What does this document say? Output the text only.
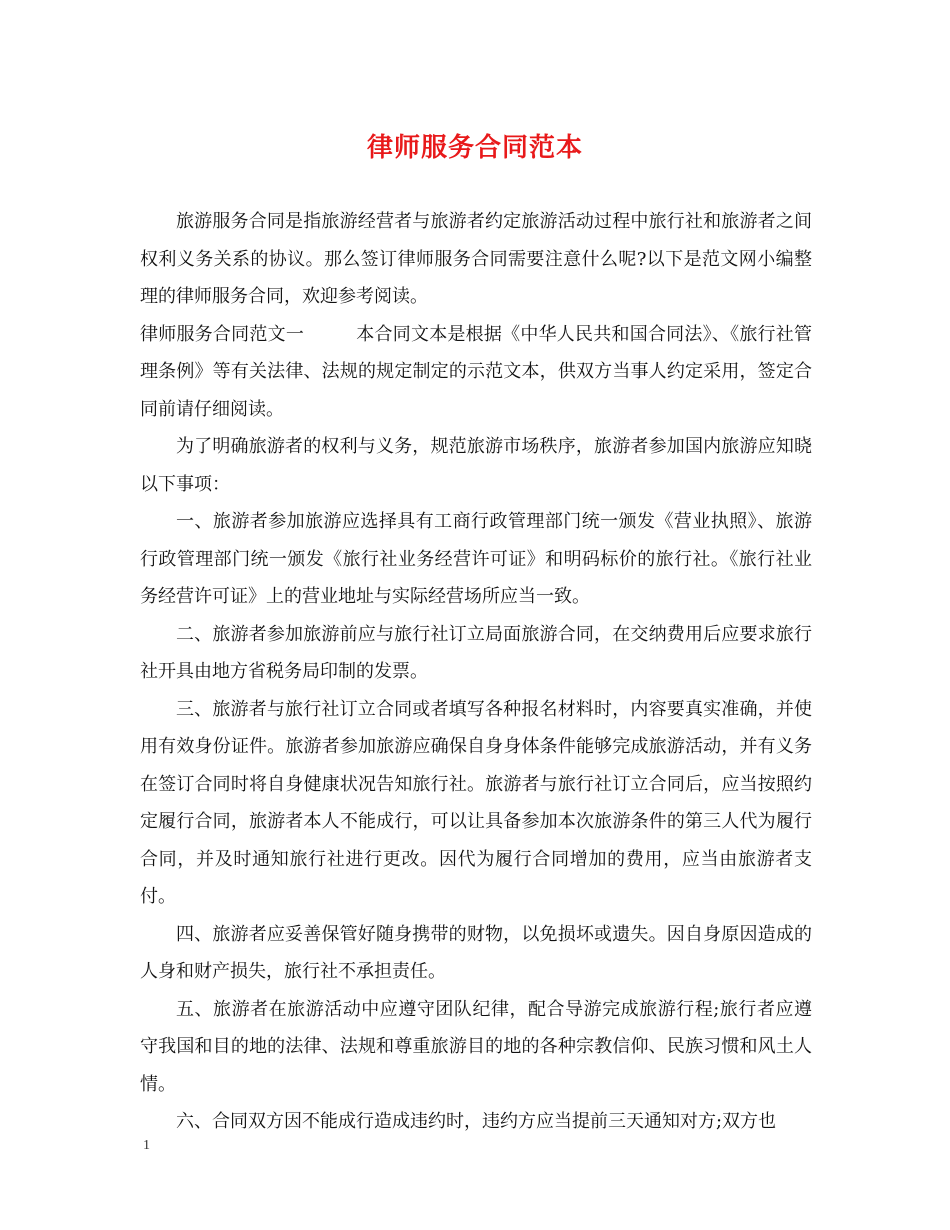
律师服务合同范本

旅游服务合同是指旅游经营者与旅游者约定旅游活动过程中旅行社和旅游者之间权利义务关系的协议。那么签订律师服务合同需要注意什么呢?以下是范文网小编整理的律师服务合同，欢迎参考阅读。

律师服务合同范文一	本合同文本是根据《中华人民共和国合同法》、《旅行社管理条例》等有关法律、法规的规定制定的示范文本，供双方当事人约定采用，签定合同前请仔细阅读。

为了明确旅游者的权利与义务，规范旅游市场秩序，旅游者参加国内旅游应知晓以下事项：

一、旅游者参加旅游应选择具有工商行政管理部门统一颁发《营业执照》、旅游行政管理部门统一颁发《旅行社业务经营许可证》和明码标价的旅行社。《旅行社业务经营许可证》上的营业地址与实际经营场所应当一致。

二、旅游者参加旅游前应与旅行社订立局面旅游合同，在交纳费用后应要求旅行社开具由地方省税务局印制的发票。

三、旅游者与旅行社订立合同或者填写各种报名材料时，内容要真实准确，并使用有效身份证件。旅游者参加旅游应确保自身身体条件能够完成旅游活动，并有义务在签订合同时将自身健康状况告知旅行社。旅游者与旅行社订立合同后，应当按照约定履行合同，旅游者本人不能成行，可以让具备参加本次旅游条件的第三人代为履行合同，并及时通知旅行社进行更改。因代为履行合同增加的费用，应当由旅游者支付。

四、旅游者应妥善保管好随身携带的财物，以免损坏或遗失。因自身原因造成的人身和财产损失，旅行社不承担责任。

五、旅游者在旅游活动中应遵守团队纪律，配合导游完成旅游行程;旅行者应遵守我国和目的地的法律、法规和尊重旅游目的地的各种宗教信仰、民族习惯和风土人情。

六、合同双方因不能成行造成违约时，违约方应当提前三天通知对方;双方也

1
